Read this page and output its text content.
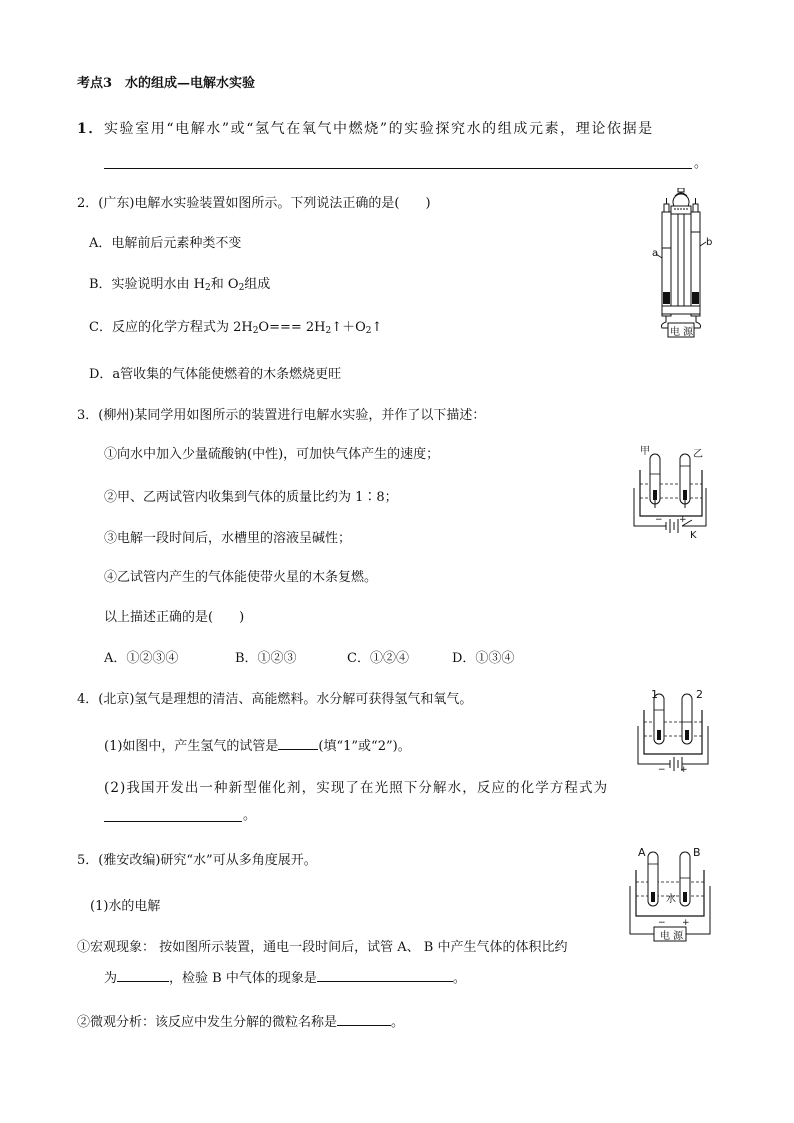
考点3　水的组成—电解水实验
1．实验室用“电解水”或“氢气在氧气中燃烧”的实验探究水的组成元素，理论依据是
。
2．(广东)电解水实验装置如图所示。下列说法正确的是(　　)
A．电解前后元素种类不变
B．实验说明水由 $H_2$和 $O_2$组成
C．反应的化学方程式为 $2H_2O===$ $2H_2↑+O_2↑$
D．a管收集的气体能使燃着的木条燃烧更旺
a
b
电 源
3．(柳州)某同学用如图所示的装置进行电解水实验，并作了以下描述：
①向水中加入少量硫酸钠(中性)，可加快气体产生的速度；
②甲、乙两试管内收集到气体的质量比约为 1∶8；
③电解一段时间后，水槽里的溶液呈碱性；
④乙试管内产生的气体能使带火星的木条复燃。
以上描述正确的是(　　)
A．①②③④	B．①②③	C．①②④	D．①③④
甲	乙
K
− +
4．(北京)氢气是理想的清洁、高能燃料。水分解可获得氢气和氧气。
(1)如图中，产生氢气的试管是	(填“1”或“2”)。
(2)我国开发出一种新型催化剂，实现了在光照下分解水，反应的化学方程式为
。
1	2
− +
5．(雅安改编)研究“水”可从多角度展开。
(1)水的电解
①宏观现象： 按如图所示装置，通电一段时间后，试管 A、 B 中产生气体的体积比约
为	，检验 B 中气体的现象是	。
②微观分析：该反应中发生分解的微粒名称是	。
A	B
水
− +
电 源
